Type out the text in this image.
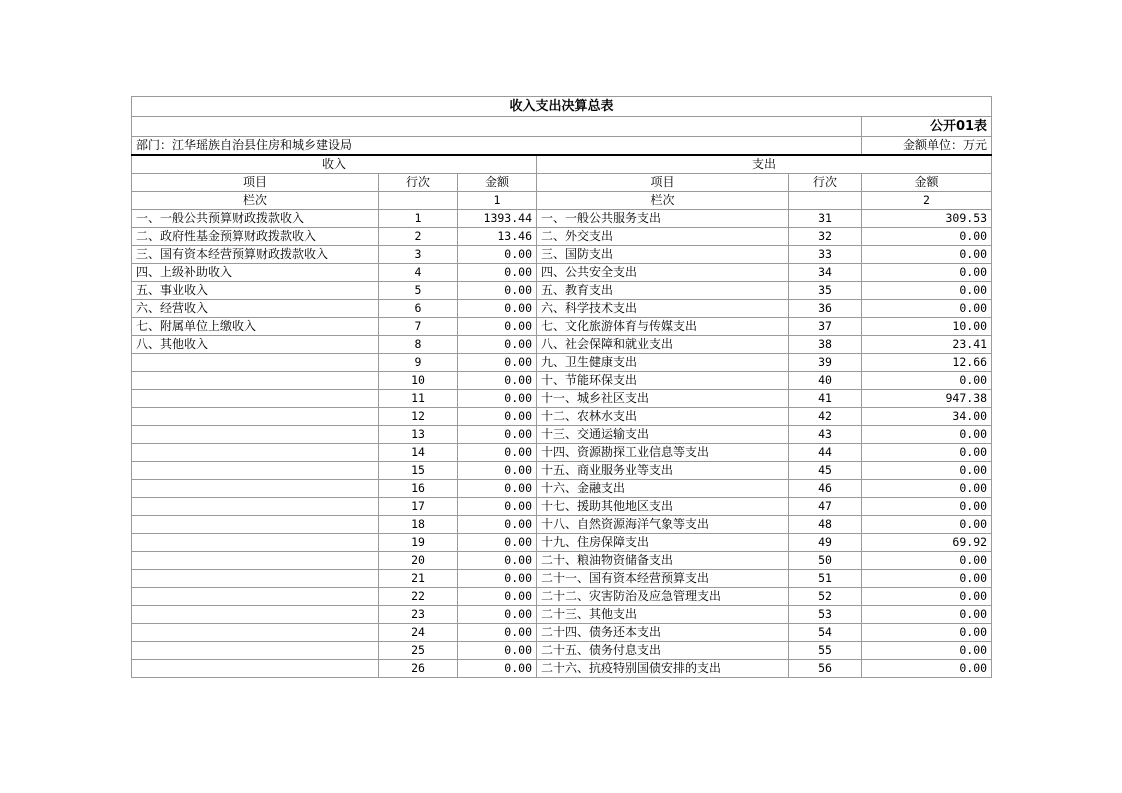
收入支出决算总表					
					公开01表
部门：江华瑶族自治县住房和城乡建设局					金额单位：万元
收入			支出		
项目	行次	金额	项目	行次	金额
栏次		1	栏次		2
一、一般公共预算财政拨款收入	1	1393.44	一、一般公共服务支出	31	309.53
二、政府性基金预算财政拨款收入	2	13.46	二、外交支出	32	0.00
三、国有资本经营预算财政拨款收入	3	0.00	三、国防支出	33	0.00
四、上级补助收入	4	0.00	四、公共安全支出	34	0.00
五、事业收入	5	0.00	五、教育支出	35	0.00
六、经营收入	6	0.00	六、科学技术支出	36	0.00
七、附属单位上缴收入	7	0.00	七、文化旅游体育与传媒支出	37	10.00
八、其他收入	8	0.00	八、社会保障和就业支出	38	23.41
	9	0.00	九、卫生健康支出	39	12.66
	10	0.00	十、节能环保支出	40	0.00
	11	0.00	十一、城乡社区支出	41	947.38
	12	0.00	十二、农林水支出	42	34.00
	13	0.00	十三、交通运输支出	43	0.00
	14	0.00	十四、资源勘探工业信息等支出	44	0.00
	15	0.00	十五、商业服务业等支出	45	0.00
	16	0.00	十六、金融支出	46	0.00
	17	0.00	十七、援助其他地区支出	47	0.00
	18	0.00	十八、自然资源海洋气象等支出	48	0.00
	19	0.00	十九、住房保障支出	49	69.92
	20	0.00	二十、粮油物资储备支出	50	0.00
	21	0.00	二十一、国有资本经营预算支出	51	0.00
	22	0.00	二十二、灾害防治及应急管理支出	52	0.00
	23	0.00	二十三、其他支出	53	0.00
	24	0.00	二十四、债务还本支出	54	0.00
	25	0.00	二十五、债务付息支出	55	0.00
	26	0.00	二十六、抗疫特别国债安排的支出	56	0.00
